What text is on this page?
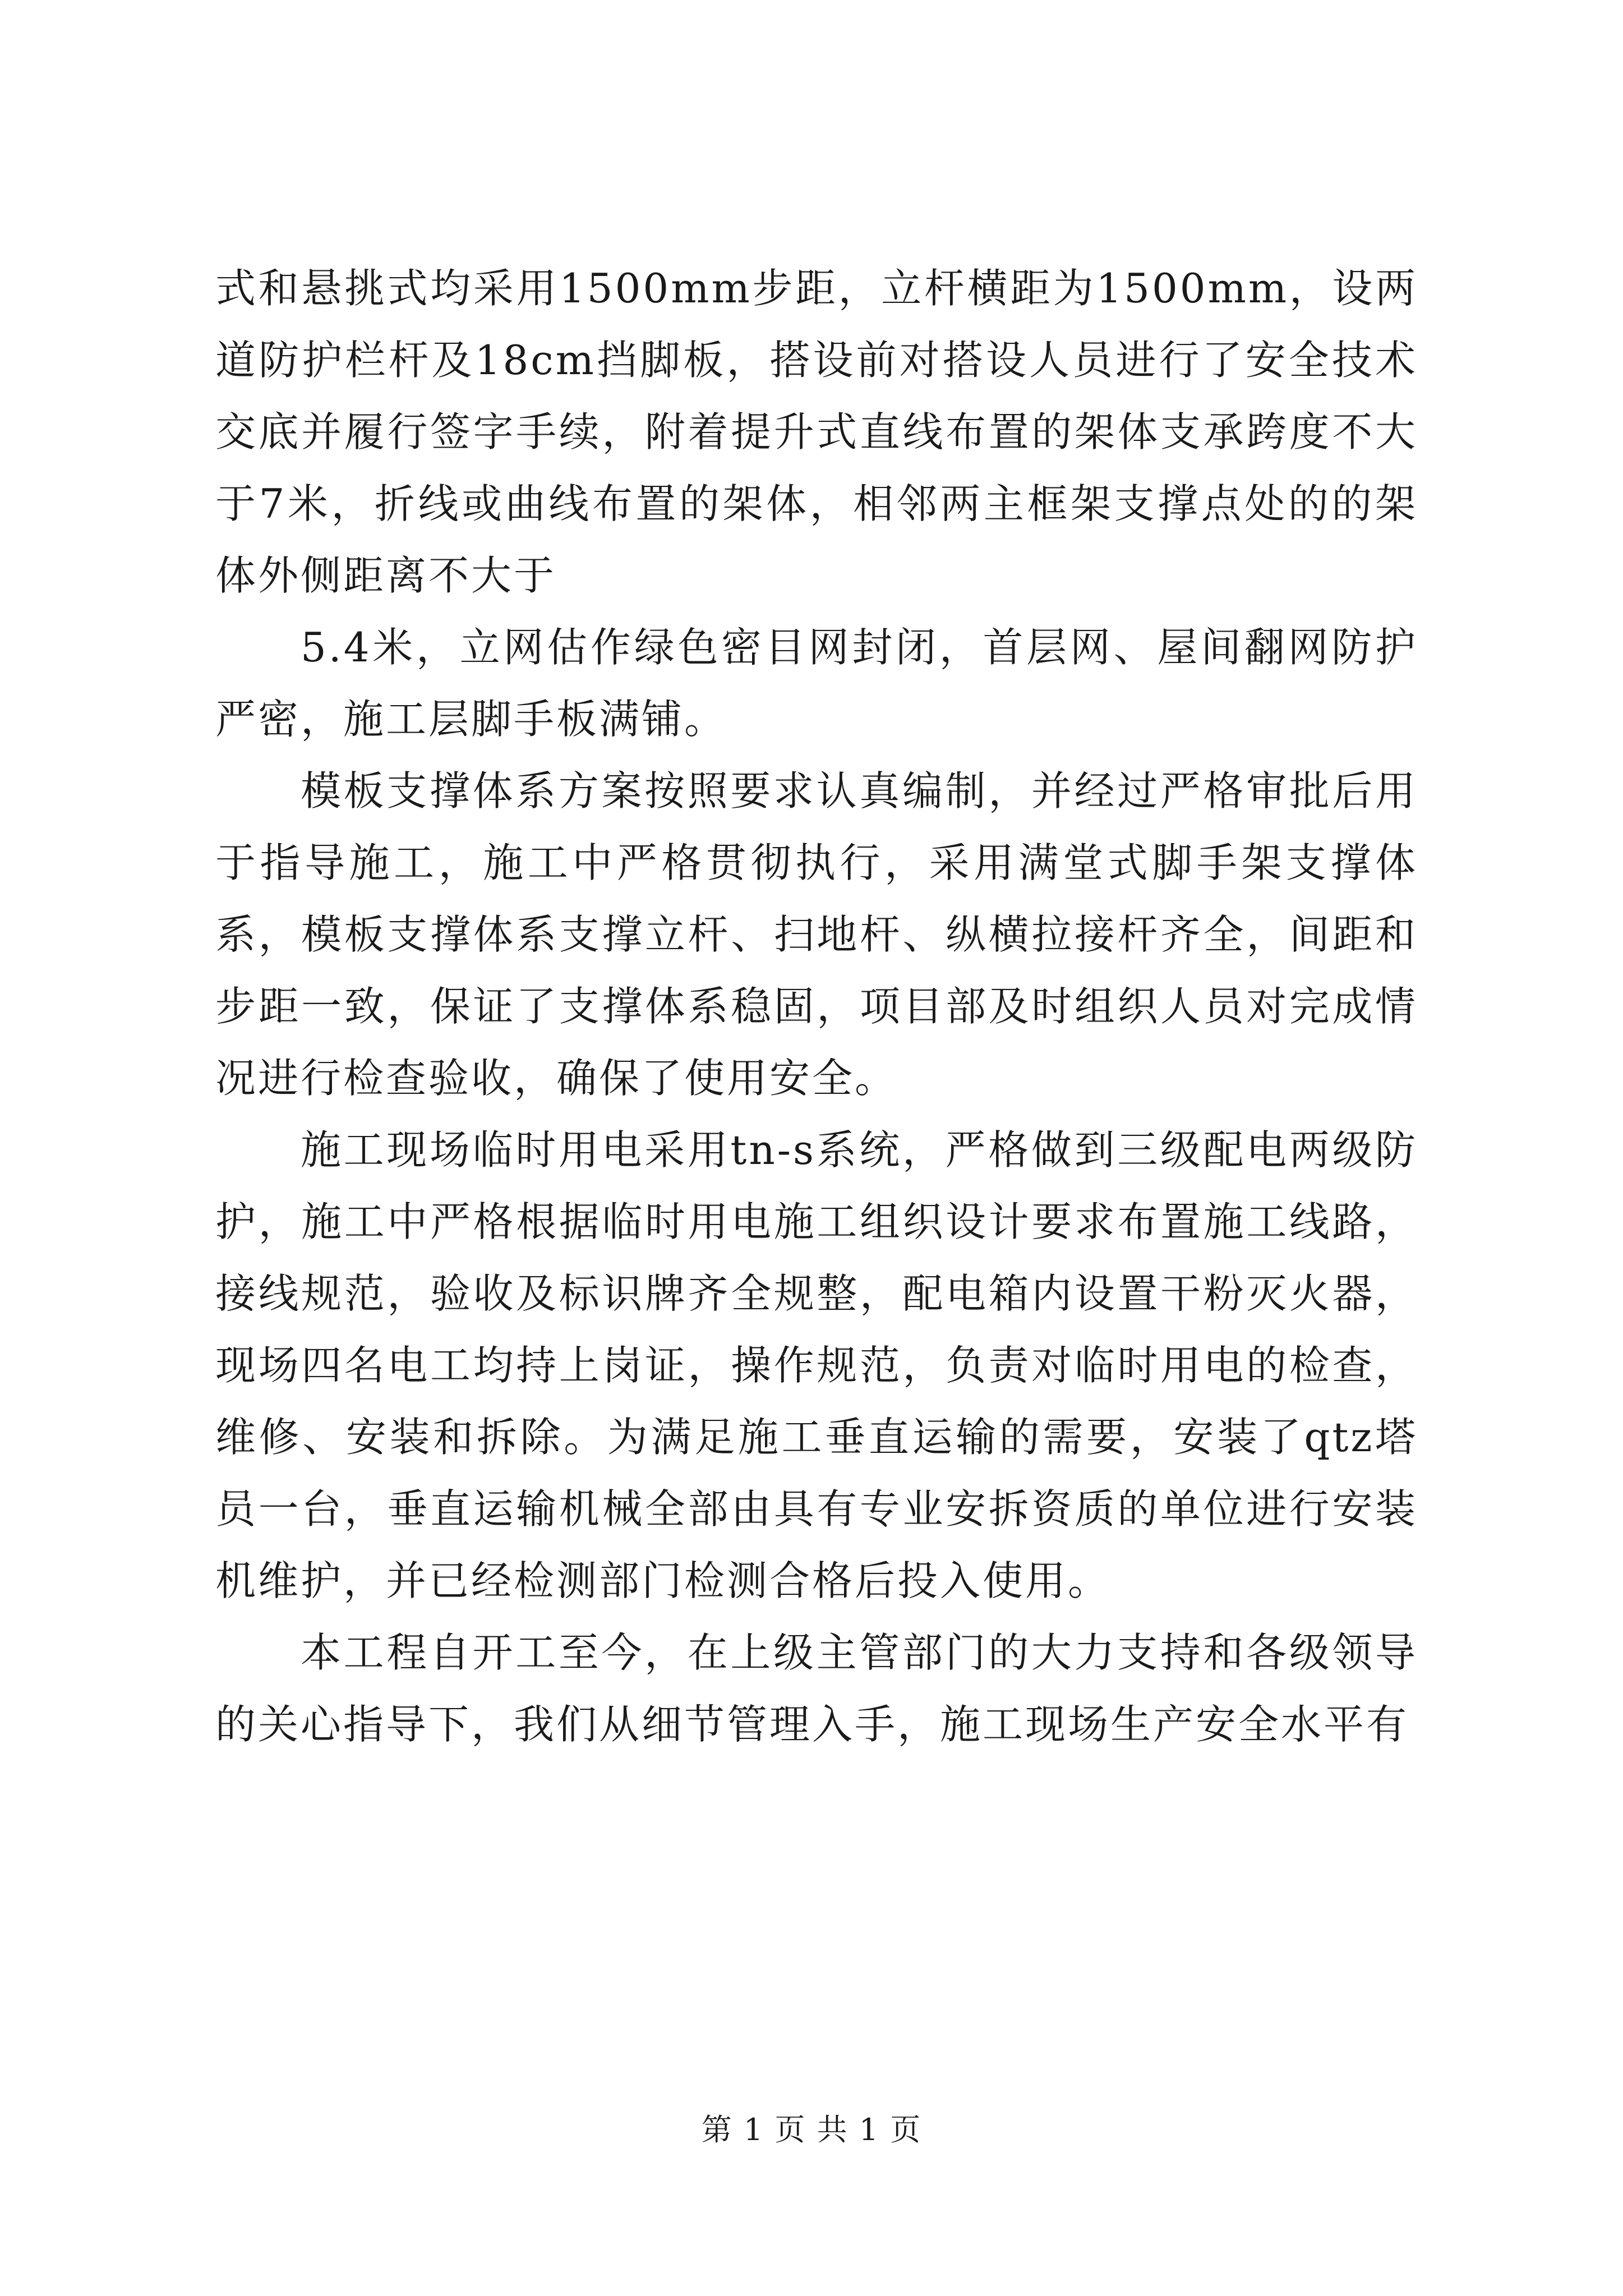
式和悬挑式均采用1500mm步距，立杆横距为1500mm，设两道防护栏杆及18cm挡脚板，搭设前对搭设人员进行了安全技术交底并履行签字手续，附着提升式直线布置的架体支承跨度不大于7米，折线或曲线布置的架体，相邻两主框架支撑点处的的架体外侧距离不大于

5.4米，立网估作绿色密目网封闭，首层网、屋间翻网防护严密，施工层脚手板满铺。

模板支撑体系方案按照要求认真编制，并经过严格审批后用于指导施工，施工中严格贯彻执行，采用满堂式脚手架支撑体系，模板支撑体系支撑立杆、扫地杆、纵横拉接杆齐全，间距和步距一致，保证了支撑体系稳固，项目部及时组织人员对完成情况进行检查验收，确保了使用安全。

施工现场临时用电采用tn-s系统，严格做到三级配电两级防护，施工中严格根据临时用电施工组织设计要求布置施工线路，接线规范，验收及标识牌齐全规整，配电箱内设置干粉灭火器，现场四名电工均持上岗证，操作规范，负责对临时用电的检查，维修、安装和拆除。为满足施工垂直运输的需要，安装了qtz塔员一台，垂直运输机械全部由具有专业安拆资质的单位进行安装机维护，并已经检测部门检测合格后投入使用。

本工程自开工至今，在上级主管部门的大力支持和各级领导的关心指导下，我们从细节管理入手，施工现场生产安全水平有

第 1 页 共 1 页
